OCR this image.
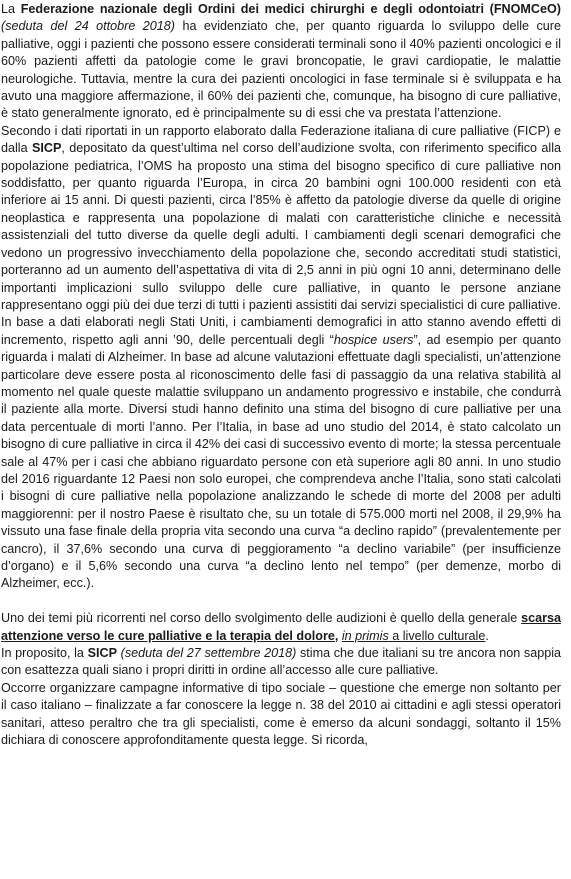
La Federazione nazionale degli Ordini dei medici chirurghi e degli odontoiatri (FNOMCeO) (seduta del 24 ottobre 2018) ha evidenziato che, per quanto riguarda lo sviluppo delle cure palliative, oggi i pazienti che possono essere considerati terminali sono il 40% pazienti oncologici e il 60% pazienti affetti da patologie come le gravi broncopatie, le gravi cardiopatie, le malattie neurologiche. Tuttavia, mentre la cura dei pazienti oncologici in fase terminale si è sviluppata e ha avuto una maggiore affermazione, il 60% dei pazienti che, comunque, ha bisogno di cure palliative, è stato generalmente ignorato, ed è principalmente su di essi che va prestata l’attenzione.

Secondo i dati riportati in un rapporto elaborato dalla Federazione italiana di cure palliative (FICP) e dalla SICP, depositato da quest’ultima nel corso dell’audizione svolta, con riferimento specifico alla popolazione pediatrica, l’OMS ha proposto una stima del bisogno specifico di cure palliative non soddisfatto, per quanto riguarda l’Europa, in circa 20 bambini ogni 100.000 residenti con età inferiore ai 15 anni. Di questi pazienti, circa l’85% è affetto da patologie diverse da quelle di origine neoplastica e rappresenta una popolazione di malati con caratteristiche cliniche e necessità assistenziali del tutto diverse da quelle degli adulti. I cambiamenti degli scenari demografici che vedono un progressivo invecchiamento della popolazione che, secondo accreditati studi statistici, porteranno ad un aumento dell’aspettativa di vita di 2,5 anni in più ogni 10 anni, determinano delle importanti implicazioni sullo sviluppo delle cure palliative, in quanto le persone anziane rappresentano oggi più dei due terzi di tutti i pazienti assistiti dai servizi specialistici di cure palliative.

In base a dati elaborati negli Stati Uniti, i cambiamenti demografici in atto stanno avendo effetti di incremento, rispetto agli anni ’90, delle percentuali degli “hospice users”, ad esempio per quanto riguarda i malati di Alzheimer. In base ad alcune valutazioni effettuate dagli specialisti, un’attenzione particolare deve essere posta al riconoscimento delle fasi di passaggio da una relativa stabilità al momento nel quale queste malattie sviluppano un andamento progressivo e instabile, che condurrà il paziente alla morte. Diversi studi hanno definito una stima del bisogno di cure palliative per una data percentuale di morti l’anno. Per l’Italia, in base ad uno studio del 2014, è stato calcolato un bisogno di cure palliative in circa il 42% dei casi di successivo evento di morte; la stessa percentuale sale al 47% per i casi che abbiano riguardato persone con età superiore agli 80 anni. In uno studio del 2016 riguardante 12 Paesi non solo europei, che comprendeva anche l’Italia, sono stati calcolati i bisogni di cure palliative nella popolazione analizzando le schede di morte del 2008 per adulti maggiorenni: per il nostro Paese è risultato che, su un totale di 575.000 morti nel 2008, il 29,9% ha vissuto una fase finale della propria vita secondo una curva “a declino rapido” (prevalentemente per cancro), il 37,6% secondo una curva di peggioramento “a declino variabile” (per insufficienze d’organo) e il 5,6% secondo una curva “a declino lento nel tempo” (per demenze, morbo di Alzheimer, ecc.).

Uno dei temi più ricorrenti nel corso dello svolgimento delle audizioni è quello della generale scarsa attenzione verso le cure palliative e la terapia del dolore, in primis a livello culturale.

In proposito, la SICP (seduta del 27 settembre 2018) stima che due italiani su tre ancora non sappia con esattezza quali siano i propri diritti in ordine all’accesso alle cure palliative.

Occorre organizzare campagne informative di tipo sociale – questione che emerge non soltanto per il caso italiano – finalizzate a far conoscere la legge n. 38 del 2010 ai cittadini e agli stessi operatori sanitari, atteso peraltro che tra gli specialisti, come è emerso da alcuni sondaggi, soltanto il 15% dichiara di conoscere approfonditamente questa legge. Si ricorda,
